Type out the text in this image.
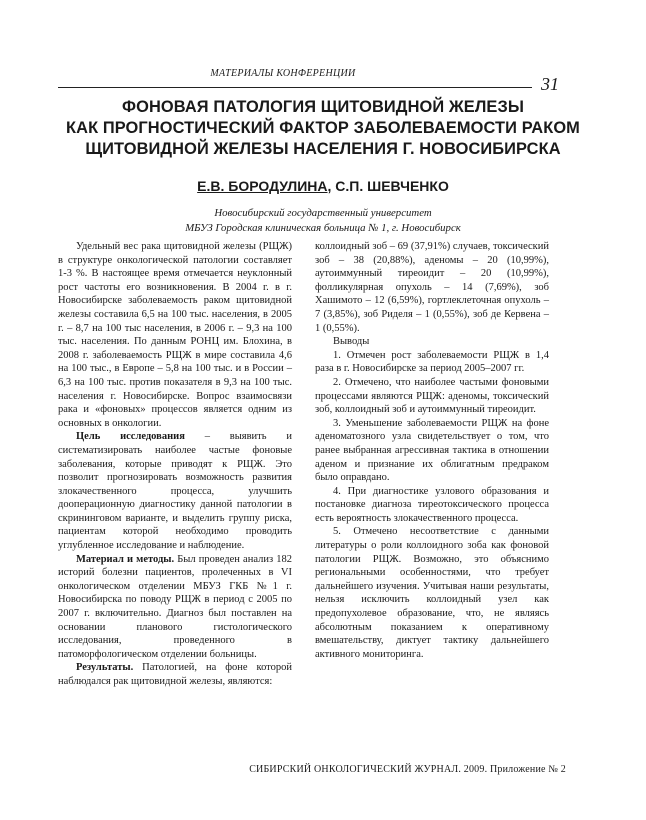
МАТЕРИАЛЫ КОНФЕРЕНЦИИ
31
ФОНОВАЯ ПАТОЛОГИЯ ЩИТОВИДНОЙ ЖЕЛЕЗЫ
КАК ПРОГНОСТИЧЕСКИЙ ФАКТОР ЗАБОЛЕВАЕМОСТИ РАКОМ
ЩИТОВИДНОЙ ЖЕЛЕЗЫ НАСЕЛЕНИЯ Г. НОВОСИБИРСКА
Е.В. БОРОДУЛИНА, С.П. ШЕВЧЕНКО
Новосибирский государственный университет
МБУЗ Городская клиническая больница № 1, г. Новосибирск

Удельный вес рака щитовидной железы (РЩЖ) в структуре онкологической патологии составляет 1-3 %. В настоящее время отмечается неуклонный рост частоты его возникновения. В 2004 г. в г. Новосибирске заболеваемость раком щитовидной железы составила 6,5 на 100 тыс. населения, в 2005 г. – 8,7 на 100 тыс населения, в 2006 г. – 9,3 на 100 тыс. населения. По данным РОНЦ им. Блохина, в 2008 г. заболеваемость РЩЖ в мире составила 4,6 на 100 тыс., в Европе – 5,8 на 100 тыс. и в России – 6,3 на 100 тыс. против показателя в 9,3 на 100 тыс. населения г. Новосибирске. Вопрос взаимосвязи рака и «фоновых» процессов является одним из основных в онкологии.

Цель исследования – выявить и систематизировать наиболее частые фоновые заболевания, которые приводят к РЩЖ. Это позволит прогнозировать возможность развития злокачественного процесса, улучшить дооперационную диагностику данной патологии в скрининговом варианте, и выделить группу риска, пациентам которой необходимо проводить углубленное исследование и наблюдение.

Материал и методы. Был проведен анализ 182 историй болезни пациентов, пролеченных в VI онкологическом отделении МБУЗ ГКБ №1 г. Новосибирска по поводу РЩЖ в период с 2005 по 2007 г. включительно. Диагноз был поставлен на основании планового гистологического исследования, проведенного в патоморфологическом отделении больницы.

Результаты. Патологией, на фоне которой наблюдался рак щитовидной железы, являются:

коллоидный зоб – 69 (37,91%) случаев, токсический зоб – 38 (20,88%), аденомы – 20 (10,99%), аутоиммунный тиреоидит – 20 (10,99%), фолликулярная опухоль – 14 (7,69%), зоб Хашимото – 12 (6,59%), гортлеклеточная опухоль – 7 (3,85%), зоб Риделя – 1 (0,55%), зоб де Кервена – 1 (0,55%).

Выводы

1. Отмечен рост заболеваемости РЩЖ в 1,4 раза в г. Новосибирске за период 2005–2007 гг.

2. Отмечено, что наиболее частыми фоновыми процессами являются РЩЖ: аденомы, токсический зоб, коллоидный зоб и аутоиммунный тиреоидит.

3. Уменьшение заболеваемости РЩЖ на фоне аденоматозного узла свидетельствует о том, что ранее выбранная агрессивная тактика в отношении аденом и признание их облигатным предраком было оправдано.

4. При диагностике узлового образования и постановке диагноза тиреотоксического процесса есть вероятность злокачественного процесса.

5. Отмечено несоответствие с данными литературы о роли коллоидного зоба как фоновой патологии РЩЖ. Возможно, это объяснимо региональными особенностями, что требует дальнейшего изучения. Учитывая наши результаты, нельзя исключить коллоидный узел как предопухолевое образование, что, не являясь абсолютным показанием к оперативному вмешательству, диктует тактику дальнейшего активного мониторинга.

СИБИРСКИЙ ОНКОЛОГИЧЕСКИЙ ЖУРНАЛ. 2009. Приложение № 2
